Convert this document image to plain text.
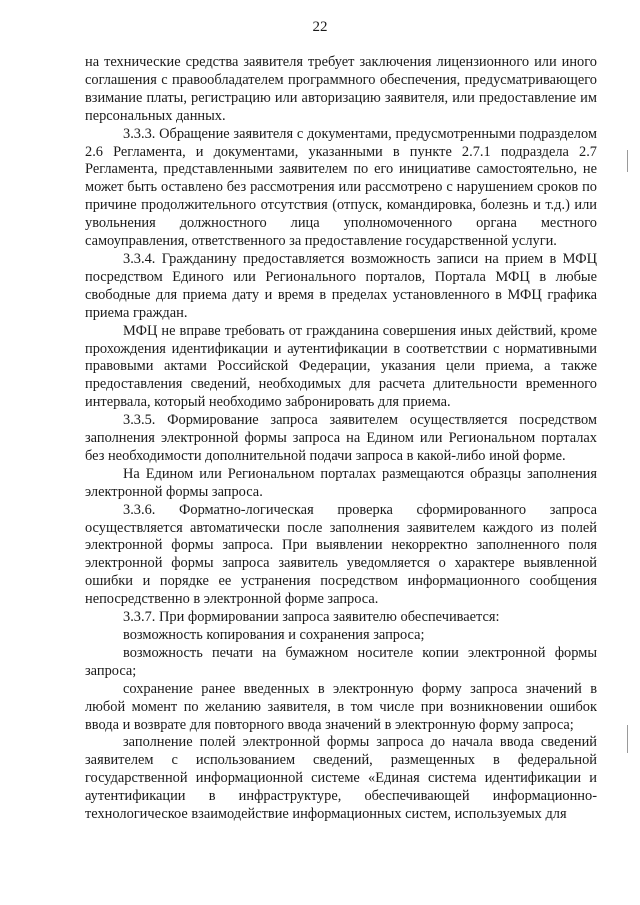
22

на технические средства заявителя требует заключения лицензионного или иного соглашения с правообладателем программного обеспечения, предусматривающего взимание платы, регистрацию или авторизацию заявителя, или предоставление им персональных данных.

3.3.3. Обращение заявителя с документами, предусмотренными подразделом 2.6 Регламента, и документами, указанными в пункте 2.7.1 подраздела 2.7 Регламента, представленными заявителем по его инициативе самостоятельно, не может быть оставлено без рассмотрения или рассмотрено с нарушением сроков по причине продолжительного отсутствия (отпуск, командировка, болезнь и т.д.) или увольнения должностного лица уполномоченного органа местного самоуправления, ответственного за предоставление государственной услуги.

3.3.4. Гражданину предоставляется возможность записи на прием в МФЦ посредством Единого или Регионального порталов, Портала МФЦ в любые свободные для приема дату и время в пределах установленного в МФЦ графика приема граждан.

МФЦ не вправе требовать от гражданина совершения иных действий, кроме прохождения идентификации и аутентификации в соответствии с нормативными правовыми актами Российской Федерации, указания цели приема, а также предоставления сведений, необходимых для расчета длительности временного интервала, который необходимо забронировать для приема.

3.3.5. Формирование запроса заявителем осуществляется посредством заполнения электронной формы запроса на Едином или Региональном порталах без необходимости дополнительной подачи запроса в какой-либо иной форме.

На Едином или Региональном порталах размещаются образцы заполнения электронной формы запроса.

3.3.6. Форматно-логическая проверка сформированного запроса осуществляется автоматически после заполнения заявителем каждого из полей электронной формы запроса. При выявлении некорректно заполненного поля электронной формы запроса заявитель уведомляется о характере выявленной ошибки и порядке ее устранения посредством информационного сообщения непосредственно в электронной форме запроса.

3.3.7. При формировании запроса заявителю обеспечивается:

возможность копирования и сохранения запроса;

возможность печати на бумажном носителе копии электронной формы запроса;

сохранение ранее введенных в электронную форму запроса значений в любой момент по желанию заявителя, в том числе при возникновении ошибок ввода и возврате для повторного ввода значений в электронную форму запроса;

заполнение полей электронной формы запроса до начала ввода сведений заявителем с использованием сведений, размещенных в федеральной государственной информационной системе «Единая система идентификации и аутентификации в инфраструктуре, обеспечивающей информационно-технологическое взаимодействие информационных систем, используемых для
